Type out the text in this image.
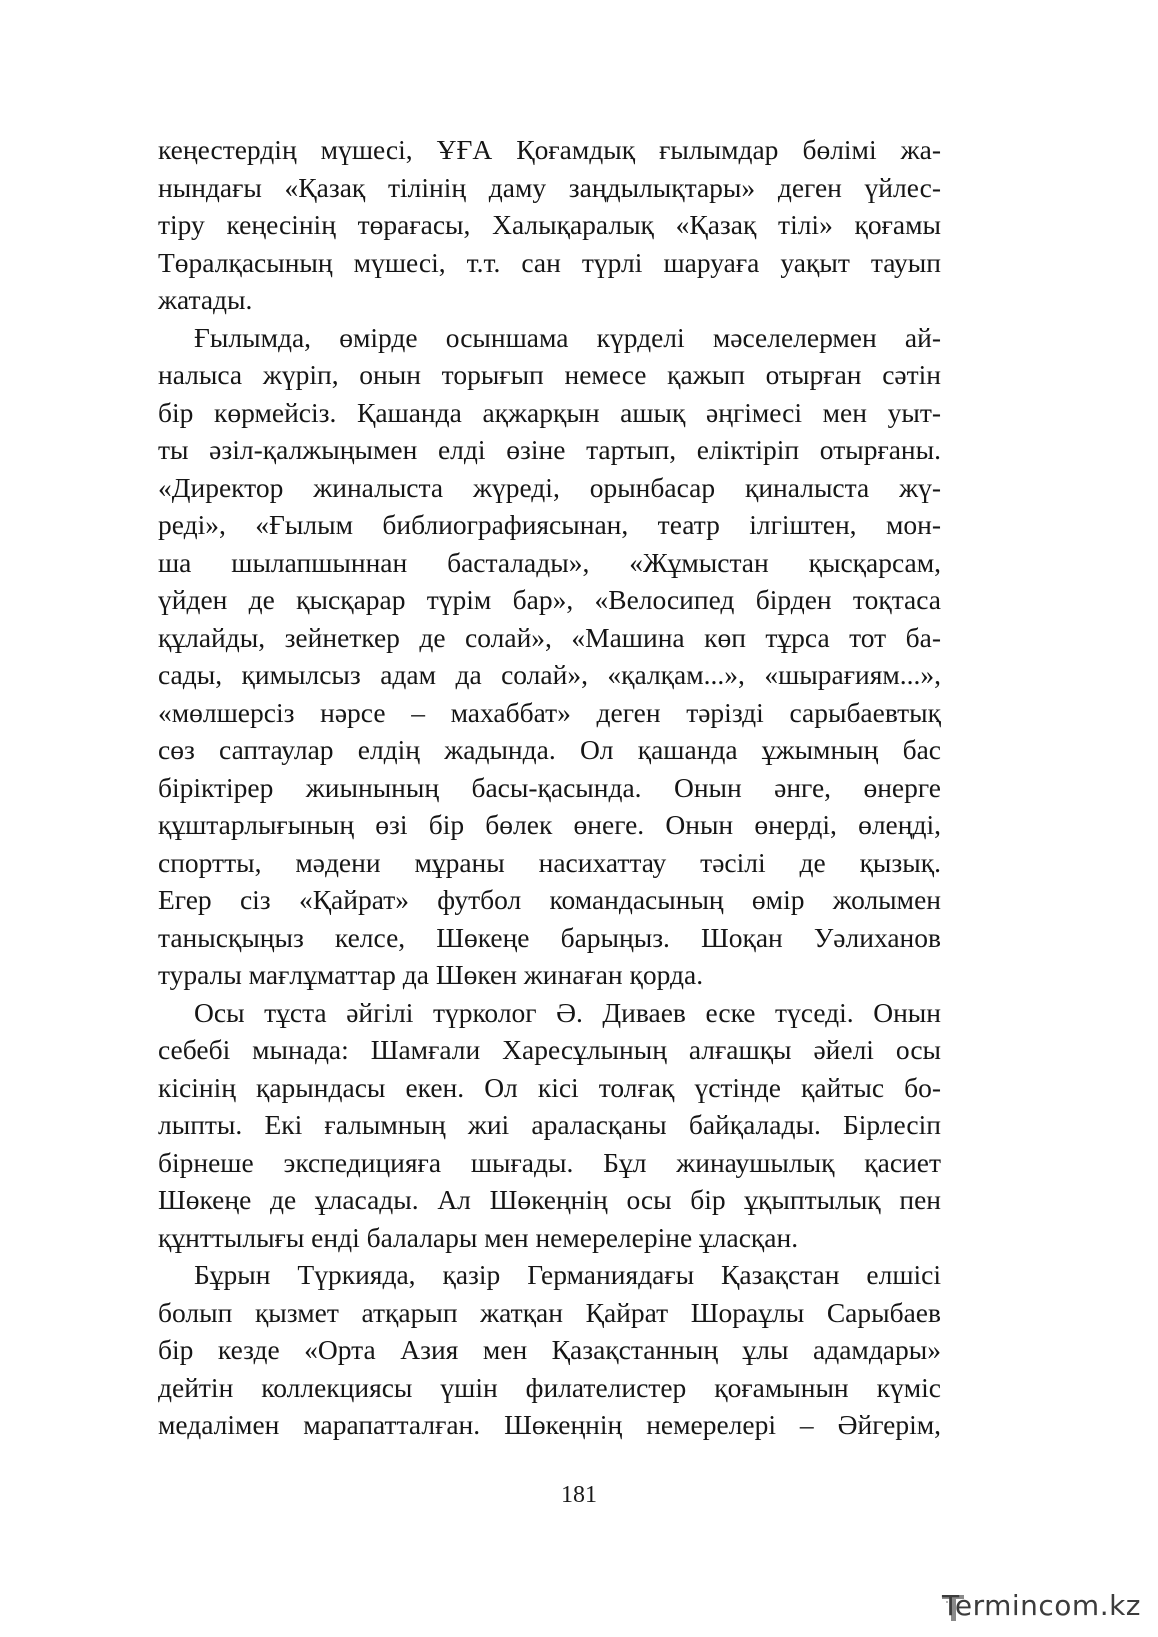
кеңестердің мүшесі, ҰҒА Қоғамдық ғылымдар бөлімі жа-
нындағы «Қазақ тілінің даму заңдылықтары» деген үйлес-
тіру кеңесінің төрағасы, Халықаралық «Қазақ тілі» қоғамы
Төралқасының мүшесі, т.т. сан түрлі шаруаға уақыт тауып
жатады.
Ғылымда, өмірде осыншама күрделі мәселелермен ай-
налыса жүріп, онын торығып немесе қажып отырған сәтін
бір көрмейсіз. Қашанда ақжарқын ашық әңгімесі мен уыт-
ты әзіл-қалжыңымен елді өзіне тартып, еліктіріп отырғаны.
«Директор жиналыста жүреді, орынбасар қиналыста жү-
реді», «Ғылым библиографиясынан, театр ілгіштен, мон-
ша шылапшыннан басталады», «Жұмыстан қысқарсам,
үйден де қысқарар түрім бар», «Велосипед бірден тоқтаса
құлайды, зейнеткер де солай», «Машина көп тұрса тот ба-
сады, қимылсыз адам да солай», «қалқам...», «шырағиям...»,
«мөлшерсіз нәрсе – махаббат» деген тәрізді сарыбаевтық
сөз саптаулар елдің жадында. Ол қашанда ұжымның бас
біріктірер жиынының басы-қасында. Онын әнге, өнерге
құштарлығының өзі бір бөлек өнеге. Онын өнерді, өлеңді,
спортты, мәдени мұраны насихаттау тәсілі де қызық.
Егер сіз «Қайрат» футбол командасының өмір жолымен
танысқыңыз келсе, Шөкеңе барыңыз. Шоқан Уәлиханов
туралы мағлұматтар да Шөкен жинаған қорда.
Осы тұста әйгілі түрколог Ә. Диваев еске түседі. Онын
себебі мынада: Шамғали Харесұлының алғашқы әйелі осы
кісінің қарындасы екен. Ол кісі толғақ үстінде қайтыс бо-
лыпты. Екі ғалымның жиі араласқаны байқалады. Бірлесіп
бірнеше экспедицияға шығады. Бұл жинаушылық қасиет
Шөкеңе де ұласады. Ал Шөкеңнің осы бір ұқыптылық пен
құнттылығы енді балалары мен немерелеріне ұласқан.
Бұрын Түркияда, қазір Германиядағы Қазақстан елшісі
болып қызмет атқарып жатқан Қайрат Шораұлы Сарыбаев
бір кезде «Орта Азия мен Қазақстанның ұлы адамдары»
дейтін коллекциясы үшін филателистер қоғамынын күміс
медалімен марапатталған. Шөкеңнің немерелері – Әйгерім,
181
Termincom.kz
